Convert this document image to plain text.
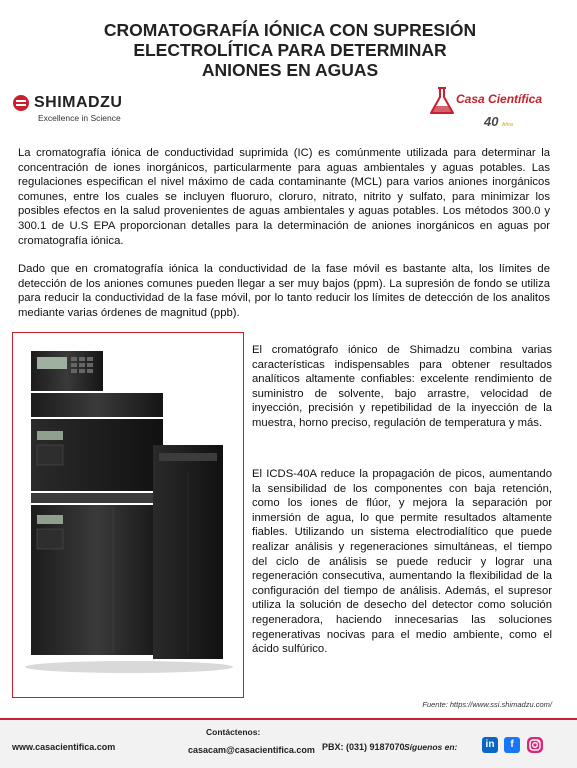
CROMATOGRAFÍA IÓNICA CON SUPRESIÓN
ELECTROLÍTICA PARA DETERMINAR
ANIONES EN AGUAS
SHIMADZU
Excellence in Science
Casa Científica
40 Años

La cromatografía iónica de conductividad suprimida (IC) es comúnmente utilizada para determinar la concentración de iones inorgánicos, particularmente para aguas ambientales y aguas potables. Las regulaciones especifican el nivel máximo de cada contaminante (MCL) para varios aniones inorgánicos comunes, entre los cuales se incluyen fluoruro, cloruro, nitrato, nitrito y sulfato, para minimizar los posibles efectos en la salud provenientes de aguas ambientales y aguas potables. Los métodos 300.0 y 300.1 de U.S EPA proporcionan detalles para la determinación de aniones inorgánicos en aguas por cromatografía iónica.

Dado que en cromatografía iónica la conductividad de la fase móvil es bastante alta, los límites de detección de los aniones comunes pueden llegar a ser muy bajos (ppm). La supresión de fondo se utiliza para reducir la conductividad de la fase móvil, por lo tanto reducir los límites de detección de los analitos mediante varias órdenes de magnitud (ppb).

El cromatógrafo iónico de Shimadzu combina varias características indispensables para obtener resultados analíticos altamente confiables: excelente rendimiento de suministro de solvente, bajo arrastre, velocidad de inyección, precisión y repetibilidad de la inyección de la muestra, horno preciso, regulación de temperatura y más.

El ICDS-40A reduce la propagación de picos, aumentando la sensibilidad de los componentes con baja retención, como los iones de flúor, y mejora la separación por inmersión de agua, lo que permite resultados altamente fiables. Utilizando un sistema electrodialítico que puede realizar análisis y regeneraciones simultáneas, el tiempo del ciclo de análisis se puede reducir y lograr una regeneración consecutiva, aumentando la flexibilidad de la configuración del tiempo de análisis. Además, el supresor utiliza la solución de desecho del detector como solución regeneradora, haciendo innecesarias las soluciones regenerativas nocivas para el medio ambiente, como el ácido sulfúrico.

Fuente: https://www.ssi.shimadzu.com/
www.casacientifica.com
Contáctenos:
casacam@casacientifica.com PBX: (031) 9187070 Síguenos en:	in	f
